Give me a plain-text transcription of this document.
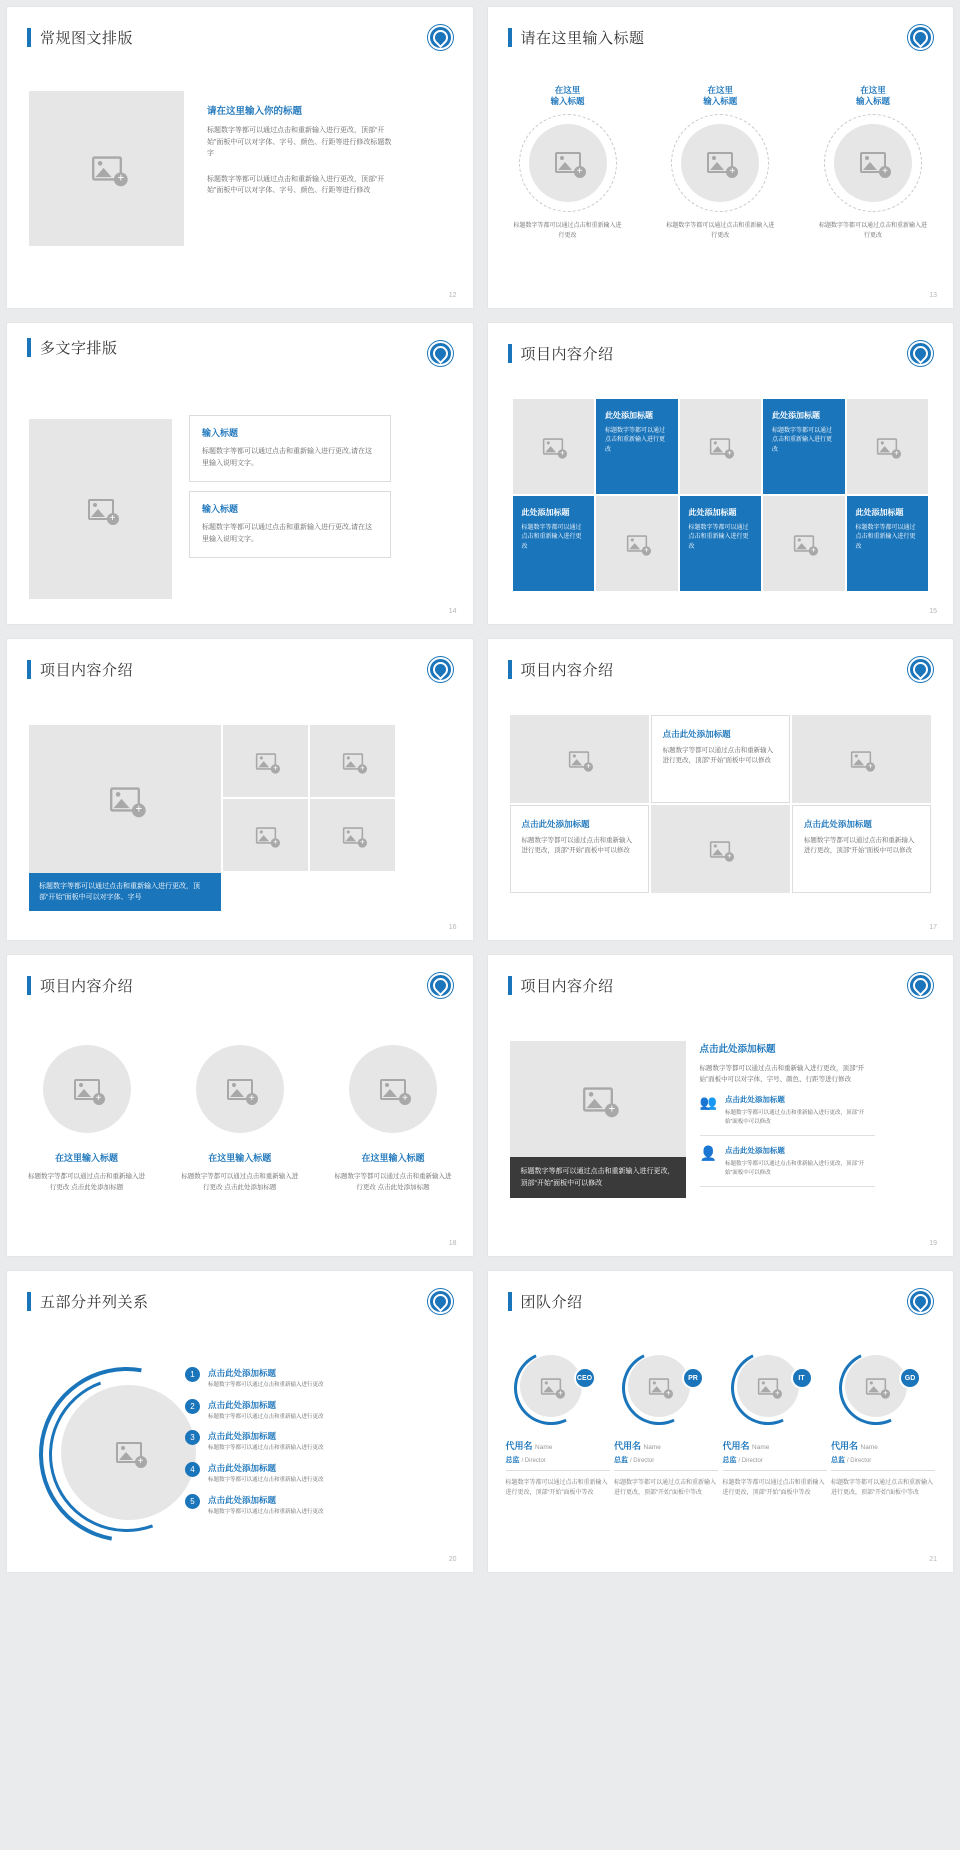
常规图文排版
+
请在这里输入你的标题

标题数字等都可以通过点击和重新输入进行更改，顶部“开始”面板中可以对字体、字号、颜色、行距等进行修改标题数字

标题数字等都可以通过点击和重新输入进行更改，顶部“开始”面板中可以对字体、字号、颜色、行距等进行修改

12
请在这里输入标题
在这里
输入标题
+
标题数字等都可以通过点击和重新输入进行更改
在这里
输入标题
+
标题数字等都可以通过点击和重新输入进行更改
在这里
输入标题
+
标题数字等都可以通过点击和重新输入进行更改
13
多文字排版
+
输入标题

标题数字等都可以通过点击和重新输入进行更改,请在这里输入说明文字。

输入标题

标题数字等都可以通过点击和重新输入进行更改,请在这里输入说明文字。

14
项目内容介绍
+
此处添加标题

标题数字等都可以通过点击和重新输入进行更改	+
此处添加标题

标题数字等都可以通过点击和重新输入进行更改	+
此处添加标题

标题数字等都可以通过点击和重新输入进行更改	+
此处添加标题

标题数字等都可以通过点击和重新输入进行更改	+
此处添加标题

标题数字等都可以通过点击和重新输入进行更改

15
项目内容介绍
+
标题数字等都可以通过点击和重新输入进行更改，顶部“开始”面板中可以对字体、字号
+	+
+	+
16
项目内容介绍
+
点击此处添加标题

标题数字等都可以通过点击和重新输入进行更改，顶部“开始”面板中可以修改

+
点击此处添加标题

标题数字等都可以通过点击和重新输入进行更改，顶部“开始”面板中可以修改

+
点击此处添加标题

标题数字等都可以通过点击和重新输入进行更改，顶部“开始”面板中可以修改

17
项目内容介绍
+
在这里输入标题
标题数字等都可以通过点击和重新输入进行更改 点击此处添加标题
+
在这里输入标题
标题数字等都可以通过点击和重新输入进行更改 点击此处添加标题
+
在这里输入标题
标题数字等都可以通过点击和重新输入进行更改 点击此处添加标题
18
项目内容介绍
+
标题数字等都可以通过点击和重新输入进行更改，顶部“开始”面板中可以修改
点击此处添加标题

标题数字等都可以通过点击和重新输入进行更改，顶部“开始”面板中可以对字体、字号、颜色、行距等进行修改

👥 点击此处添加标题

标题数字等都可以通过点击和重新输入进行更改，顶部“开始”面板中可以修改

👤 点击此处添加标题

标题数字等都可以通过点击和重新输入进行更改，顶部“开始”面板中可以修改

19
五部分并列关系
+
1	点击此处添加标题

标题数字等都可以通过点击和重新输入进行更改

2	点击此处添加标题

标题数字等都可以通过点击和重新输入进行更改

3	点击此处添加标题

标题数字等都可以通过点击和重新输入进行更改

4	点击此处添加标题

标题数字等都可以通过点击和重新输入进行更改

5	点击此处添加标题

标题数字等都可以通过点击和重新输入进行更改

20
团队介绍
+
CEO
代用名 Name
总监 / Director
标题数字等都可以通过点击和重新输入进行更改，顶部“开始”面板中等改
+
PR
代用名 Name
总监 / Director
标题数字等都可以通过点击和重新输入进行更改，顶部“开始”面板中等改
+
IT
代用名 Name
总监 / Director
标题数字等都可以通过点击和重新输入进行更改，顶部“开始”面板中等改
+
GD
代用名 Name
总监 / Director
标题数字等都可以通过点击和重新输入进行更改，顶部“开始”面板中等改
21
